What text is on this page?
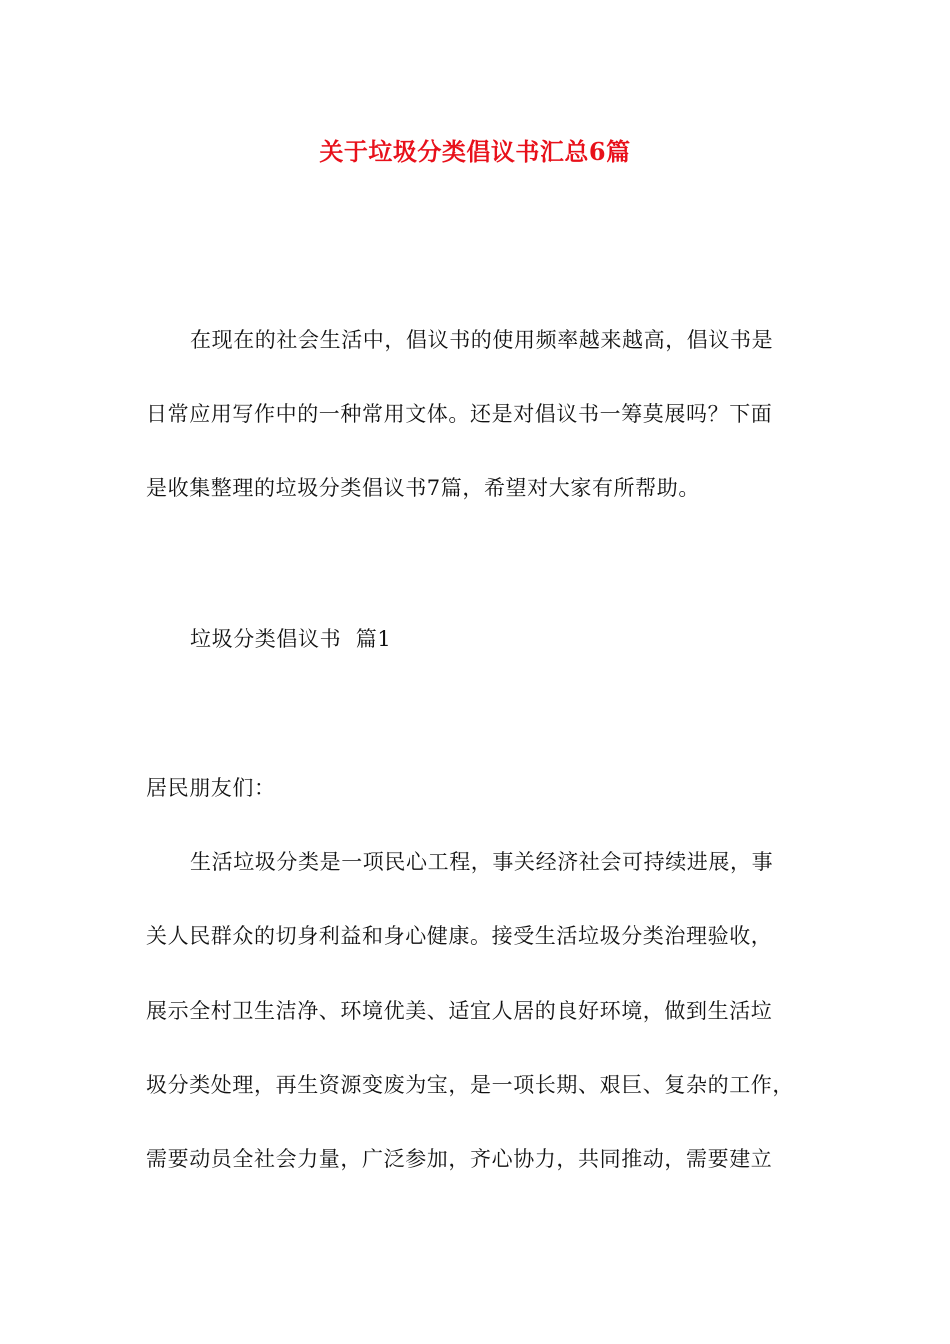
关于垃圾分类倡议书汇总6篇
在现在的社会生活中，倡议书的使用频率越来越高，倡议书是
日常应用写作中的一种常用文体。还是对倡议书一筹莫展吗？下面
是收集整理的垃圾分类倡议书7篇，希望对大家有所帮助。
垃圾分类倡议书  篇1
居民朋友们：
生活垃圾分类是一项民心工程，事关经济社会可持续进展，事
关人民群众的切身利益和身心健康。接受生活垃圾分类治理验收，
展示全村卫生洁净、环境优美、适宜人居的良好环境，做到生活垃
圾分类处理，再生资源变废为宝，是一项长期、艰巨、复杂的工作，
需要动员全社会力量，广泛参加，齐心协力，共同推动，需要建立
